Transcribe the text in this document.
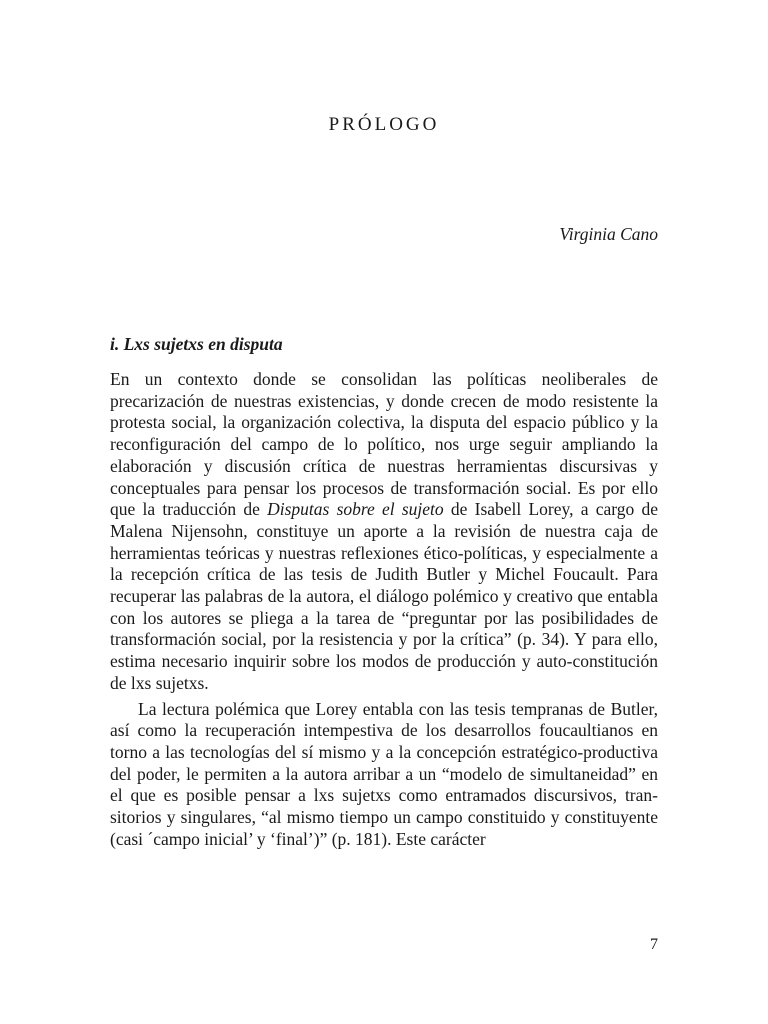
PRÓLOGO

Virginia Cano

i. Lxs sujetxs en disputa

En un contexto donde se consolidan las políticas neoliberales de precarización de nuestras existencias, y donde crecen de modo resistente la protesta social, la organización colectiva, la disputa del espacio público y la reconfiguración del campo de lo político, nos urge seguir ampliando la elaboración y discusión crítica de nuestras herramientas discursivas y conceptuales para pensar los procesos de transformación social. Es por ello que la traducción de Disputas sobre el sujeto de Isabell Lorey, a cargo de Malena Nijensohn, constituye un aporte a la revisión de nuestra caja de herramientas teóricas y nuestras reflexiones ético-políticas, y especialmente a la recepción crítica de las tesis de Judith Butler y Michel Foucault. Para recuperar las palabras de la autora, el diálogo polémico y creativo que entabla con los autores se pliega a la tarea de “preguntar por las posibilidades de transformación social, por la resistencia y por la crítica” (p. 34). Y para ello, estima necesario inquirir sobre los modos de producción y auto-constitución de lxs sujetxs.

La lectura polémica que Lorey entabla con las tesis tempranas de Butler, así como la recuperación intempestiva de los desarrollos foucaultianos en torno a las tecnologías del sí mismo y a la concepción estratégico-productiva del poder, le permiten a la autora arribar a un “modelo de simultaneidad” en el que es posible pensar a lxs sujetxs como entramados discursivos, transitorios y singulares, “al mismo tiempo un campo constituido y constituyente (casi ´campo inicial’ y ‘final’)” (p. 181). Este carácter

7
